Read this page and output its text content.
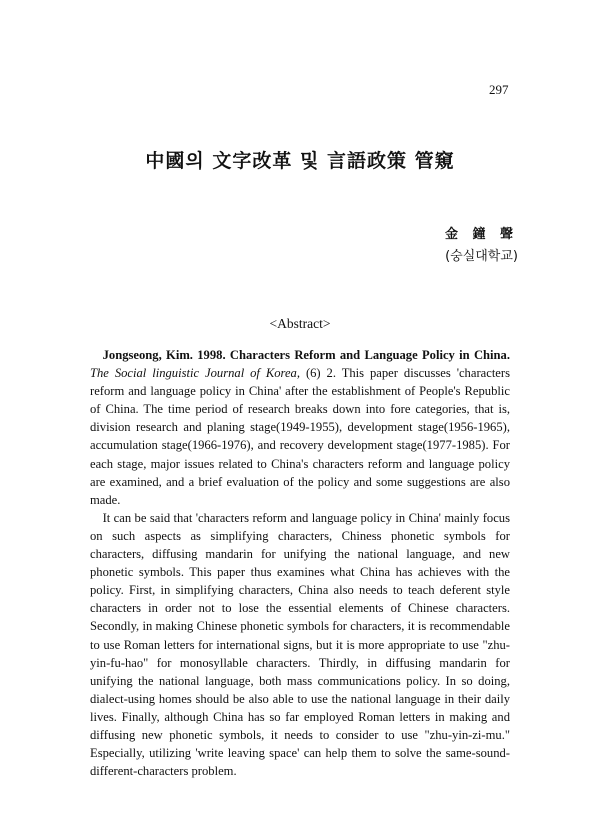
297
中國의 文字改革 및 言語政策 管窺
金 鐘 聲
(숭실대학교)
<Abstract>

Jongseong, Kim. 1998. Characters Reform and Language Policy in China. The Social linguistic Journal of Korea, (6) 2. This paper discusses 'characters reform and language policy in China' after the establishment of People's Republic of China. The time period of research breaks down into fore categories, that is, division research and planing stage(1949-1955), development stage(1956-1965), accumulation stage(1966-1976), and recovery development stage(1977-1985). For each stage, major issues related to China's characters reform and language policy are examined, and a brief evaluation of the policy and some suggestions are also made.

It can be said that 'characters reform and language policy in China' mainly focus on such aspects as simplifying characters, Chiness phonetic symbols for characters, diffusing mandarin for unifying the national language, and new phonetic symbols. This paper thus examines what China has achieves with the policy. First, in simplifying characters, China also needs to teach deferent style characters in order not to lose the essential elements of Chinese characters. Secondly, in making Chinese phonetic symbols for characters, it is recommendable to use Roman letters for international signs, but it is more appropriate to use "zhu-yin-fu-hao" for monosyllable characters. Thirdly, in diffusing mandarin for unifying the national language, both mass communications policy. In so doing, dialect-using homes should be also able to use the national language in their daily lives. Finally, although China has so far employed Roman letters in making and diffusing new phonetic symbols, it needs to consider to use "zhu-yin-zi-mu." Especially, utilizing 'write leaving space' can help them to solve the same-sound-different-characters problem.
